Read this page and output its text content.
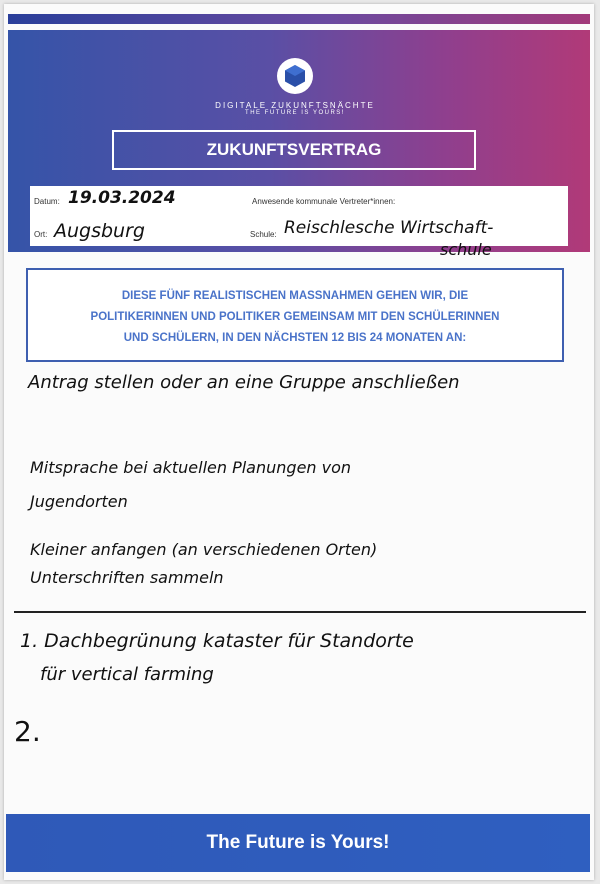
DIGITALE ZUKUNFTSNÄCHTE
THE FUTURE IS YOURS!
ZUKUNFTSVERTRAG
Datum: 19.03.2024	Anwesende kommunale Vertreter*innen:
Ort: Augsburg	Schule: Reischlesche Wirtschaft-
schule
DIESE FÜNF REALISTISCHEN MASSNAHMEN GEHEN WIR, DIE
POLITIKERINNEN UND POLITIKER GEMEINSAM MIT DEN SCHÜLERINNEN
UND SCHÜLERN, IN DEN NÄCHSTEN 12 BIS 24 MONATEN AN:
Antrag stellen oder an eine Gruppe anschließen
Mitsprache bei aktuellen Planungen von
Jugendorten
Kleiner anfangen (an verschiedenen Orten)
Unterschriften sammeln
1. Dachbegrünung kataster für Standorte
für vertical farming
2.
The Future is Yours!
